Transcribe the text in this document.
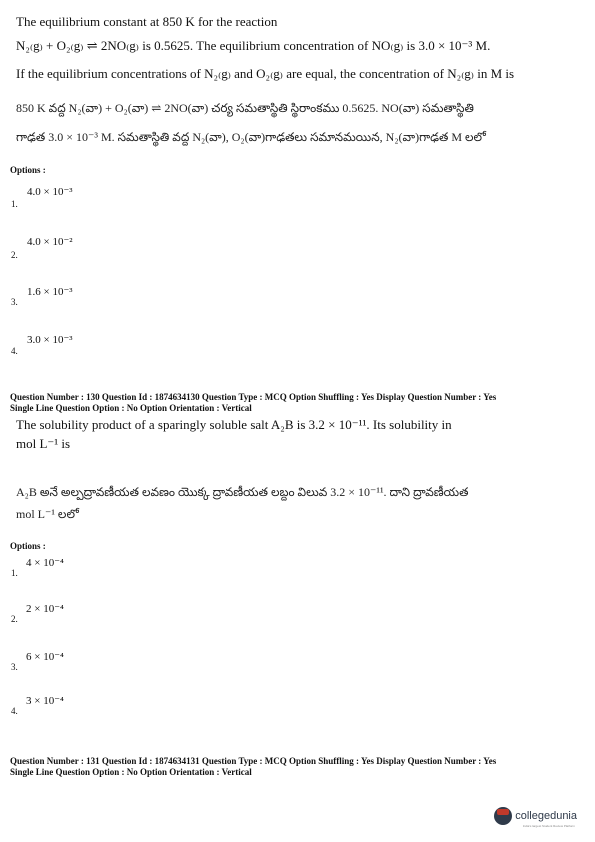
The equilibrium constant at 850 K for the reaction
N₂₍g₎ + O₂₍g₎ ⇌ 2NO₍g₎ is 0.5625. The equilibrium concentration of NO₍g₎ is 3.0 × 10⁻³ M.
If the equilibrium concentrations of N₂₍g₎ and O₂₍g₎ are equal, the concentration of N₂₍g₎ in M is
850 K వద్ద N₂(వా) + O₂(వా) ⇌ 2NO(వా) చర్య సమతాస్థితి స్థిరాంకము 0.5625. NO(వా) సమతాస్థితి
గాఢత 3.0 × 10⁻³ M. సమతాస్థితి వద్ద N₂(వా), O₂(వా)గాఢతలు సమానమయిన, N₂(వా)గాఢత M లలో
Options :
4.0 × 10⁻³
1.
4.0 × 10⁻²
2.
1.6 × 10⁻³
3.
3.0 × 10⁻³
4.
Question Number : 130 Question Id : 1874634130 Question Type : MCQ Option Shuffling : Yes Display Question Number : Yes
Single Line Question Option : No Option Orientation : Vertical
The solubility product of a sparingly soluble salt A₂B is 3.2 × 10⁻¹¹. Its solubility in
mol L⁻¹ is
A₂B అనే అల్పద్రావణీయత లవణం యొక్క ద్రావణీయత లబ్దం విలువ 3.2 × 10⁻¹¹. దాని ద్రావణీయత
mol L⁻¹ లలో
Options :
4 × 10⁻⁴
1.
2 × 10⁻⁴
2.
6 × 10⁻⁴
3.
3 × 10⁻⁴
4.
Question Number : 131 Question Id : 1874634131 Question Type : MCQ Option Shuffling : Yes Display Question Number : Yes
Single Line Question Option : No Option Orientation : Vertical
collegedunia
India's largest Student Review Platform
